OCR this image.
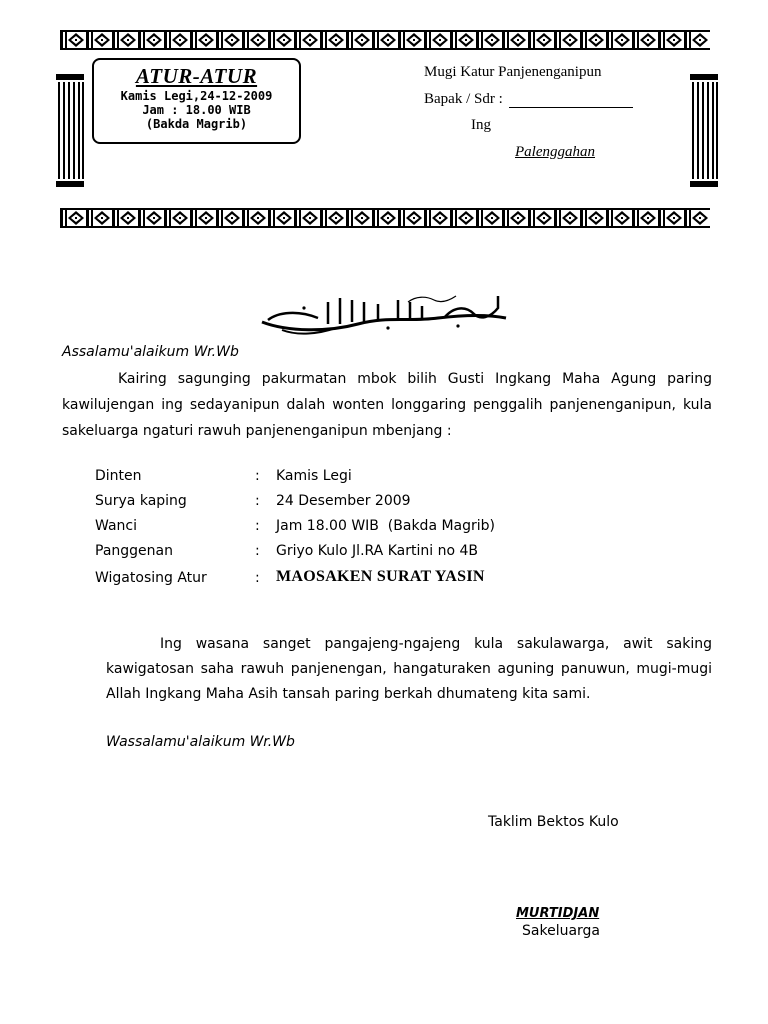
ATUR-ATUR
Kamis Legi,24-12-2009
Jam : 18.00 WIB
(Bakda Magrib)
Mugi Katur Panjenenganipun
Bapak / Sdr :
Ing
Palenggahan
Assalamu'alaikum Wr.Wb
Kairing sagunging pakurmatan mbok bilih Gusti Ingkang Maha Agung paring kawilujengan ing sedayanipun dalah wonten longgaring penggalih panjenenganipun, kula sakeluarga ngaturi rawuh panjenenganipun mbenjang :
Dinten	: Kamis Legi
Surya kaping	: 24 Desember 2009
Wanci	: Jam 18.00 WIB  (Bakda Magrib)
Panggenan	: Griyo Kulo Jl.RA Kartini no 4B
Wigatosing Atur	: MAOSAKEN SURAT YASIN
Ing wasana sanget pangajeng-ngajeng kula sakulawarga, awit saking kawigatosan saha rawuh panjenengan, hangaturaken aguning panuwun, mugi-mugi Allah Ingkang Maha Asih tansah paring berkah dhumateng kita sami.
Wassalamu'alaikum Wr.Wb
Taklim Bektos Kulo
MURTIDJAN
Sakeluarga
